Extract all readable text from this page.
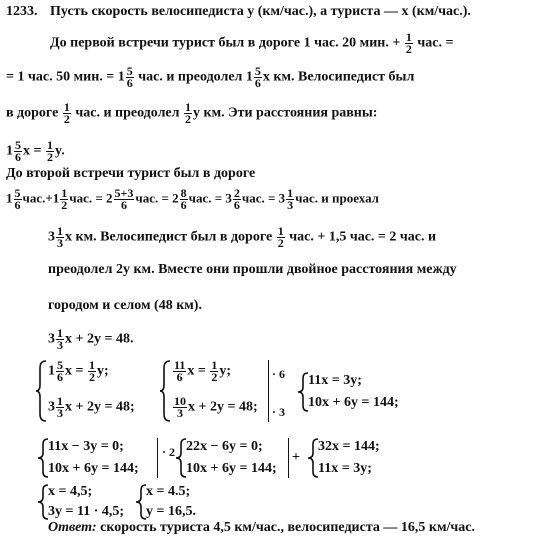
1233. Пусть скорость велосипедиста y (км/час.), а туриста — x (км/час.).
До первой встречи турист был в дороге 1 час. 20 мин. + $\frac{1}{2}$ час. =
= 1 час. 50 мин. = $1 \frac{5}{6}$ час. и преодолел $1 \frac{5}{6}$ x км. Велосипедист был
в дороге $\frac{1}{2}$ час. и преодолел $\frac{1}{2}$ y км. Эти расстояния равны:
$1 \frac{5}{6}$ $x = \frac{1}{2} y$.
До второй встречи турист был в дороге
$1 \frac{5}{6} час.+1 \frac{1}{2}$ час. = $2 \frac{5+3}{6}$ час. = $2 \frac{8}{6}$ час. = $3 \frac{2}{6}$ час. = $3 \frac{1}{3}$ час. и проехал
$3 \frac{1}{3}$ x км. Велосипедист был в дороге $\frac{1}{2}$ час. + 1,5 час. = 2 час. и
преодолел 2y км. Вместе они прошли двойное расстояния между
городом и селом (48 км).
$3 \frac{1}{3}$ x + 2y = 48.
$1 \frac{5}{6}$ $x = \frac{1}{2} y$;
$3 \frac{1}{3}$ x + 2y = 48;
$\frac{11}{6}$ $x = \frac{1}{2} y$;
$\frac{10}{3}$ x + 2y = 48;
· 6
· 3
11x = 3y;
10x + 6y = 144;
11x − 3y = 0;
10x + 6y = 144;
· 2 22x − 6y = 0;
10x + 6y = 144;
+
32x = 144;
11x = 3y;
x = 4,5;
3y = 11 · 4,5;
x = 4.5;
y = 16,5.
Ответ: скорость туриста 4,5 км/час., велосипедиста — 16,5 км/час.
